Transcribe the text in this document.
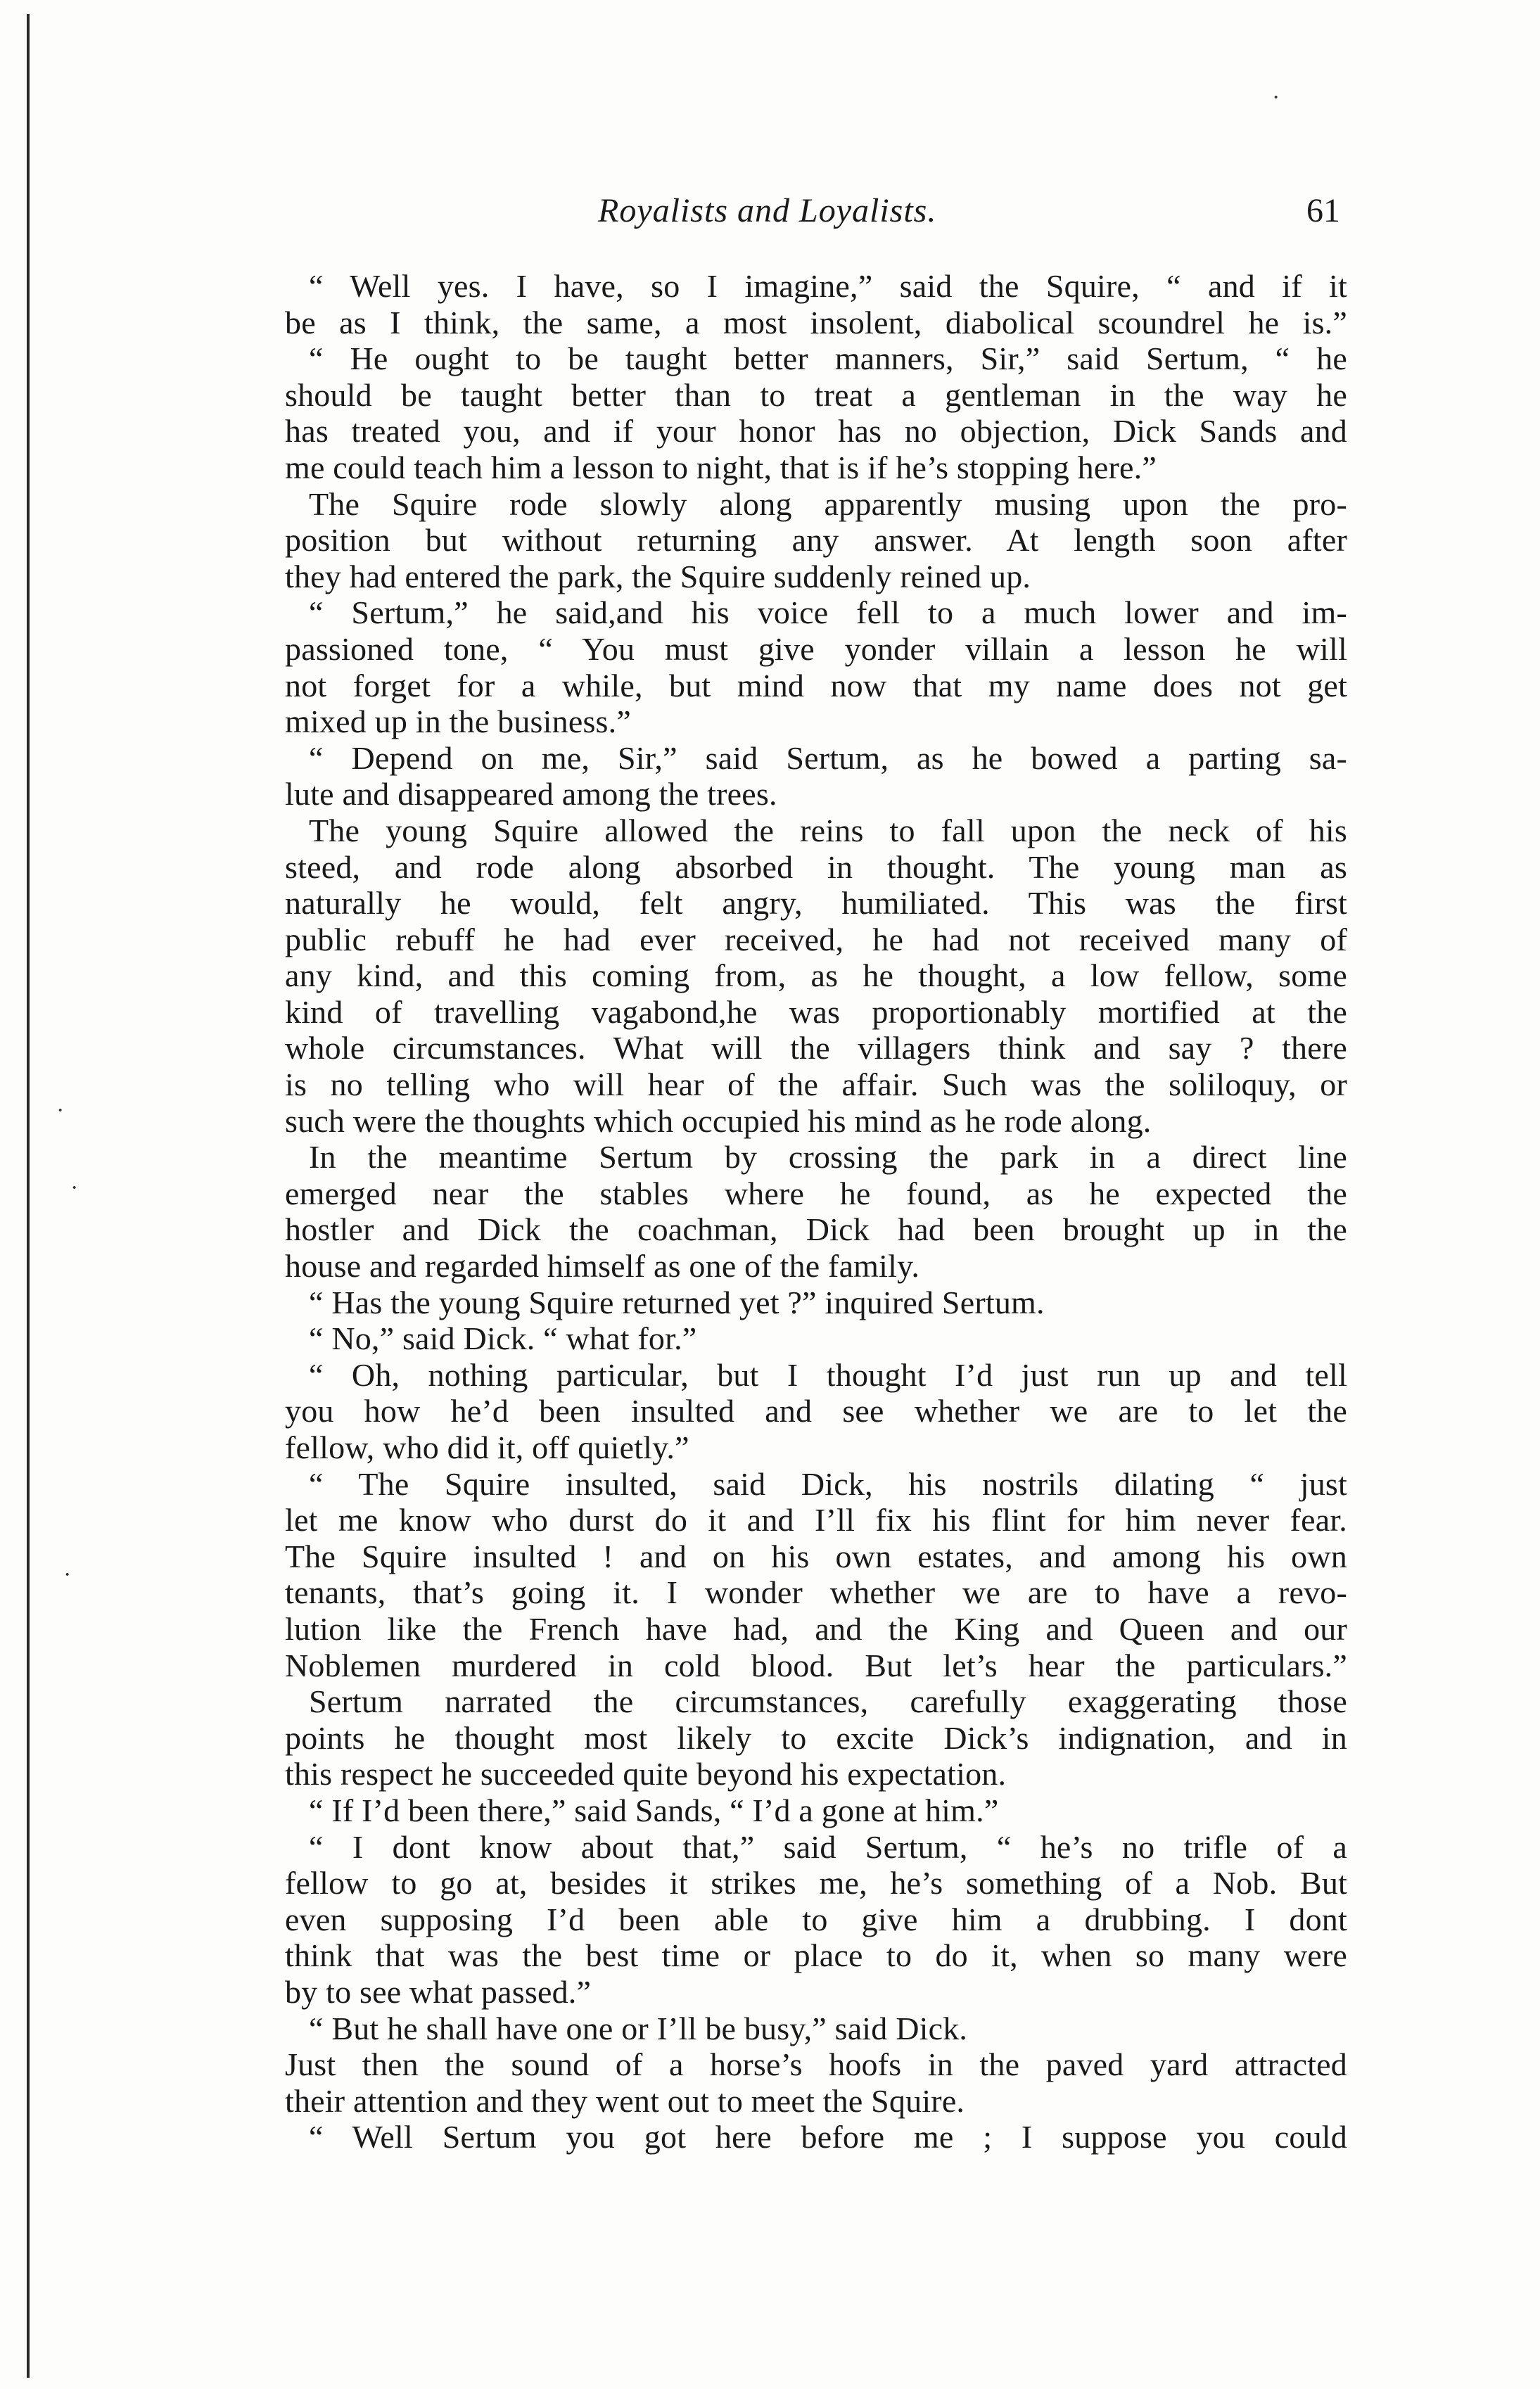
Royalists and Loyalists.	61
“ Well yes. I have, so I imagine,” said the Squire, “ and if it
be as I think, the same, a most insolent, diabolical scoundrel he is.”
“ He ought to be taught better manners, Sir,” said Sertum, “ he
should be taught better than to treat a gentleman in the way he
has treated you, and if your honor has no objection, Dick Sands and
me could teach him a lesson to night, that is if he’s stopping here.”
The Squire rode slowly along apparently musing upon the pro-
position but without returning any answer. At length soon after
they had entered the park, the Squire suddenly reined up.
“ Sertum,” he said,and his voice fell to a much lower and im-
passioned tone, “ You must give yonder villain a lesson he will
not forget for a while, but mind now that my name does not get
mixed up in the business.”
“ Depend on me, Sir,” said Sertum, as he bowed a parting sa-
lute and disappeared among the trees.
The young Squire allowed the reins to fall upon the neck of his
steed, and rode along absorbed in thought. The young man as
naturally he would, felt angry, humiliated. This was the first
public rebuff he had ever received, he had not received many of
any kind, and this coming from, as he thought, a low fellow, some
kind of travelling vagabond,he was proportionably mortified at the
whole circumstances. What will the villagers think and say ? there
is no telling who will hear of the affair. Such was the soliloquy, or
such were the thoughts which occupied his mind as he rode along.
In the meantime Sertum by crossing the park in a direct line
emerged near the stables where he found, as he expected the
hostler and Dick the coachman, Dick had been brought up in the
house and regarded himself as one of the family.
“ Has the young Squire returned yet ?” inquired Sertum.
“ No,” said Dick. “ what for.”
“ Oh, nothing particular, but I thought I’d just run up and tell
you how he’d been insulted and see whether we are to let the
fellow, who did it, off quietly.”
“ The Squire insulted, said Dick, his nostrils dilating “ just
let me know who durst do it and I’ll fix his flint for him never fear.
The Squire insulted ! and on his own estates, and among his own
tenants, that’s going it. I wonder whether we are to have a revo-
lution like the French have had, and the King and Queen and our
Noblemen murdered in cold blood. But let’s hear the particulars.”
Sertum narrated the circumstances, carefully exaggerating those
points he thought most likely to excite Dick’s indignation, and in
this respect he succeeded quite beyond his expectation.
“ If I’d been there,” said Sands, “ I’d a gone at him.”
“ I dont know about that,” said Sertum, “ he’s no trifle of a
fellow to go at, besides it strikes me, he’s something of a Nob. But
even supposing I’d been able to give him a drubbing. I dont
think that was the best time or place to do it, when so many were
by to see what passed.”
“ But he shall have one or I’ll be busy,” said Dick.
Just then the sound of a horse’s hoofs in the paved yard attracted
their attention and they went out to meet the Squire.
“ Well Sertum you got here before me ; I suppose you could
·
·
·
·
